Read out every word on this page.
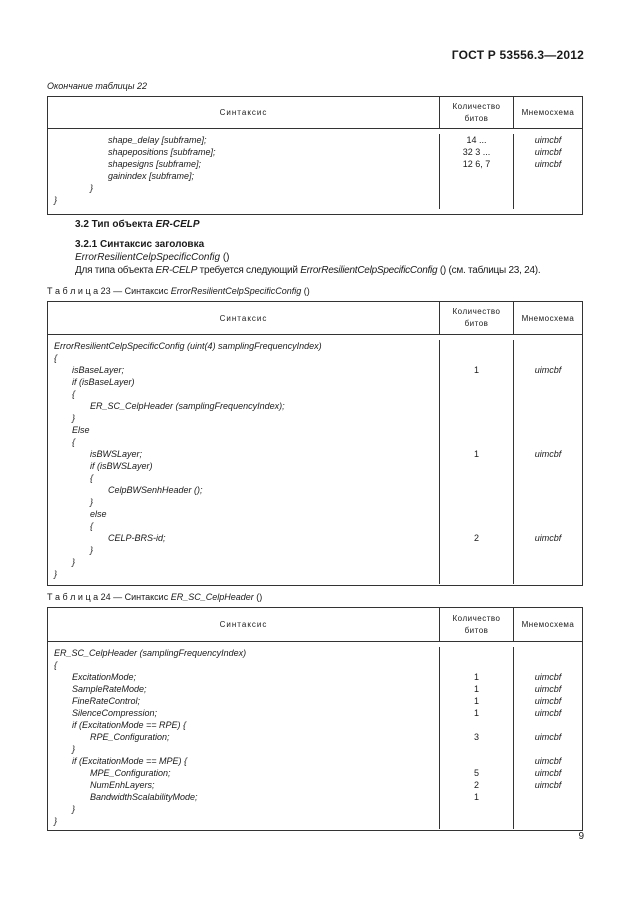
ГОСТ Р 53556.3—2012
Окончание таблицы 22
Синтаксис
Количество
битов
Мнемосхема
shape_delay [subframe];
shapepositions [subframe];
shapesigns [subframe];
gainindex [subframe];
}
}
14 ...
32 3 ...
12 6, 7
uimcbf
uimcbf
uimcbf
3.2 Тип объекта ER-CELP
3.2.1 Синтаксис заголовка
ErrorResilientCelpSpecificConfig ()
Для типа объекта ER-CELP требуется следующий ErrorResilientCelpSpecificConfig () (см. таблицы 23, 24).
Т а б л и ц а 23 — Синтаксис ErrorResilientCelpSpecificConfig ()
Синтаксис
Количество
битов
Мнемосхема
ErrorResilientCelpSpecificConfig (uint(4) samplingFrequencyIndex)
{
isBaseLayer;
if (isBaseLayer)
{
ER_SC_CelpHeader (samplingFrequencyIndex);
}
Else
{
isBWSLayer;
if (isBWSLayer)
{
CelpBWSenhHeader ();
}
else
{
CELP-BRS-id;
}
}
}
1
1
2
uimcbf
uimcbf
uimcbf
Т а б л и ц а 24 — Синтаксис ER_SC_CelpHeader ()
Синтаксис
Количество
битов
Мнемосхема
ER_SC_CelpHeader (samplingFrequencyIndex)
{
ExcitationMode;
SampleRateMode;
FineRateControl;
SilenceCompression;
if (ExcitationMode == RPE) {
RPE_Configuration;
}
if (ExcitationMode == MPE) {
MPE_Configuration;
NumEnhLayers;
BandwidthScalabilityMode;
}
}
1
1
1
1
3
5
2
1
uimcbf
uimcbf
uimcbf
uimcbf
uimcbf
uimcbf
uimcbf
uimcbf
9
